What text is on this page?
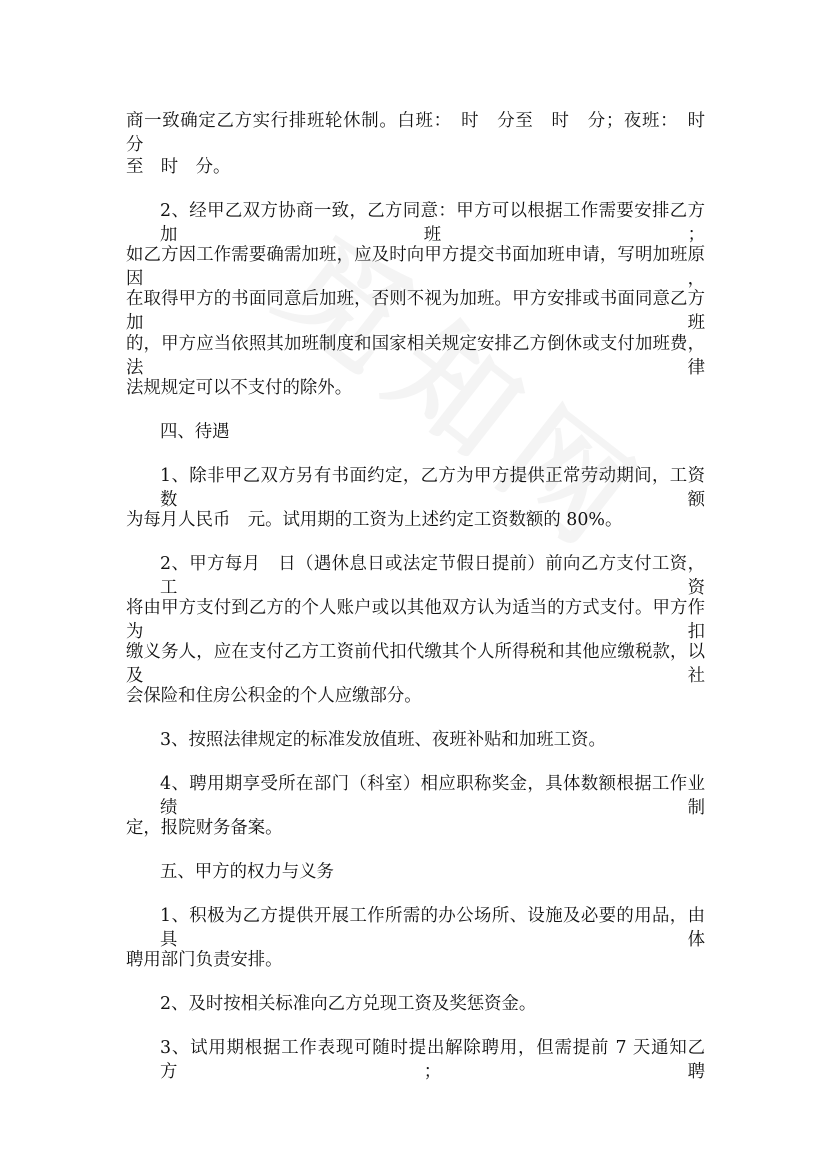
商一致确定乙方实行排班轮休制。白班：　时　分至　时　分；夜班：　时　分
至　时　分。
2、经甲乙双方协商一致，乙方同意：甲方可以根据工作需要安排乙方加班；
如乙方因工作需要确需加班，应及时向甲方提交书面加班申请，写明加班原因，
在取得甲方的书面同意后加班，否则不视为加班。甲方安排或书面同意乙方加班
的，甲方应当依照其加班制度和国家相关规定安排乙方倒休或支付加班费，法律
法规规定可以不支付的除外。
四、待遇
1、除非甲乙双方另有书面约定，乙方为甲方提供正常劳动期间，工资数额
为每月人民币　元。试用期的工资为上述约定工资数额的 80%。
2、甲方每月　日（遇休息日或法定节假日提前）前向乙方支付工资，工资
将由甲方支付到乙方的个人账户或以其他双方认为适当的方式支付。甲方作为扣
缴义务人，应在支付乙方工资前代扣代缴其个人所得税和其他应缴税款，以及社
会保险和住房公积金的个人应缴部分。
3、按照法律规定的标准发放值班、夜班补贴和加班工资。
4、聘用期享受所在部门（科室）相应职称奖金，具体数额根据工作业绩制
定，报院财务备案。
五、甲方的权力与义务
1、积极为乙方提供开展工作所需的办公场所、设施及必要的用品，由具体
聘用部门负责安排。
2、及时按相关标准向乙方兑现工资及奖惩资金。
3、试用期根据工作表现可随时提出解除聘用，但需提前 7 天通知乙方；聘
